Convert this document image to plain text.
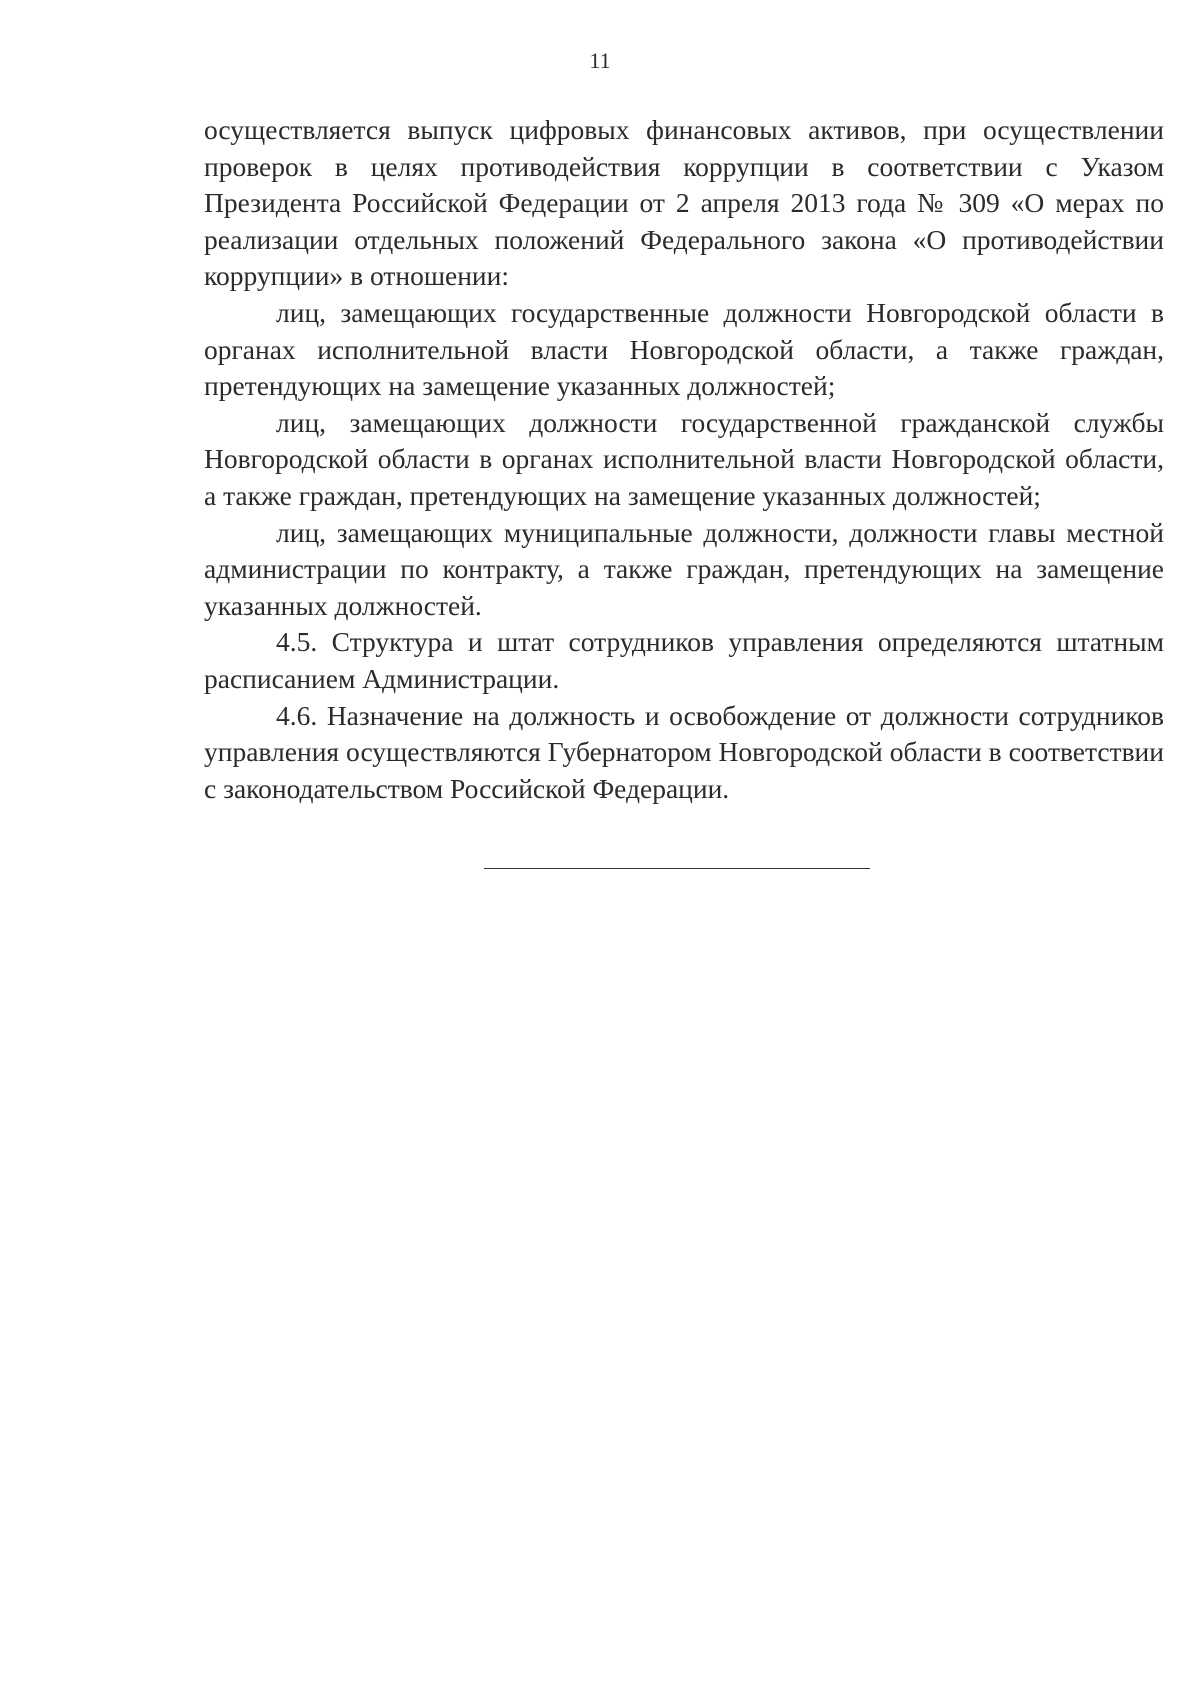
11

осуществляется выпуск цифровых финансовых активов, при осуществлении проверок в целях противодействия коррупции в соответствии с Указом Президента Российской Федерации от 2 апреля 2013 года № 309 «О мерах по реализации отдельных положений Федерального закона «О противодействии коррупции» в отношении:

лиц, замещающих государственные должности Новгородской области в органах исполнительной власти Новгородской области, а также граждан, претендующих на замещение указанных должностей;

лиц, замещающих должности государственной гражданской службы Новгородской области в органах исполнительной власти Новгородской области, а также граждан, претендующих на замещение указанных должностей;

лиц, замещающих муниципальные должности, должности главы местной администрации по контракту, а также граждан, претендующих на замещение указанных должностей.

4.5. Структура и штат сотрудников управления определяются штатным расписанием Администрации.

4.6. Назначение на должность и освобождение от должности сотрудников управления осуществляются Губернатором Новгородской области в соответствии с законодательством Российской Федерации.
